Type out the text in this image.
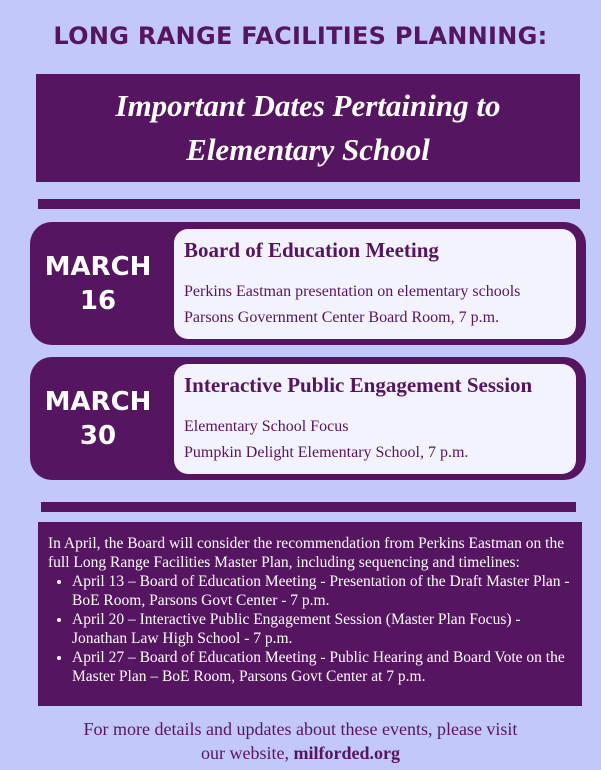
LONG RANGE FACILITIES PLANNING:
Important Dates Pertaining to
Elementary School
MARCH
16
Board of Education Meeting
Perkins Eastman presentation on elementary schools
Parsons Government Center Board Room, 7 p.m.
MARCH
30
Interactive Public Engagement Session
Elementary School Focus
Pumpkin Delight Elementary School, 7 p.m.
In April, the Board will consider the recommendation from Perkins Eastman on the full Long Range Facilities Master Plan, including sequencing and timelines:
• April 13 – Board of Education Meeting - Presentation of the Draft Master Plan - BoE Room, Parsons Govt Center - 7 p.m.
• April 20 – Interactive Public Engagement Session (Master Plan Focus) - Jonathan Law High School - 7 p.m.
• April 27 – Board of Education Meeting - Public Hearing and Board Vote on the Master Plan – BoE Room, Parsons Govt Center at 7 p.m.
For more details and updates about these events, please visit
our website, milforded.org
